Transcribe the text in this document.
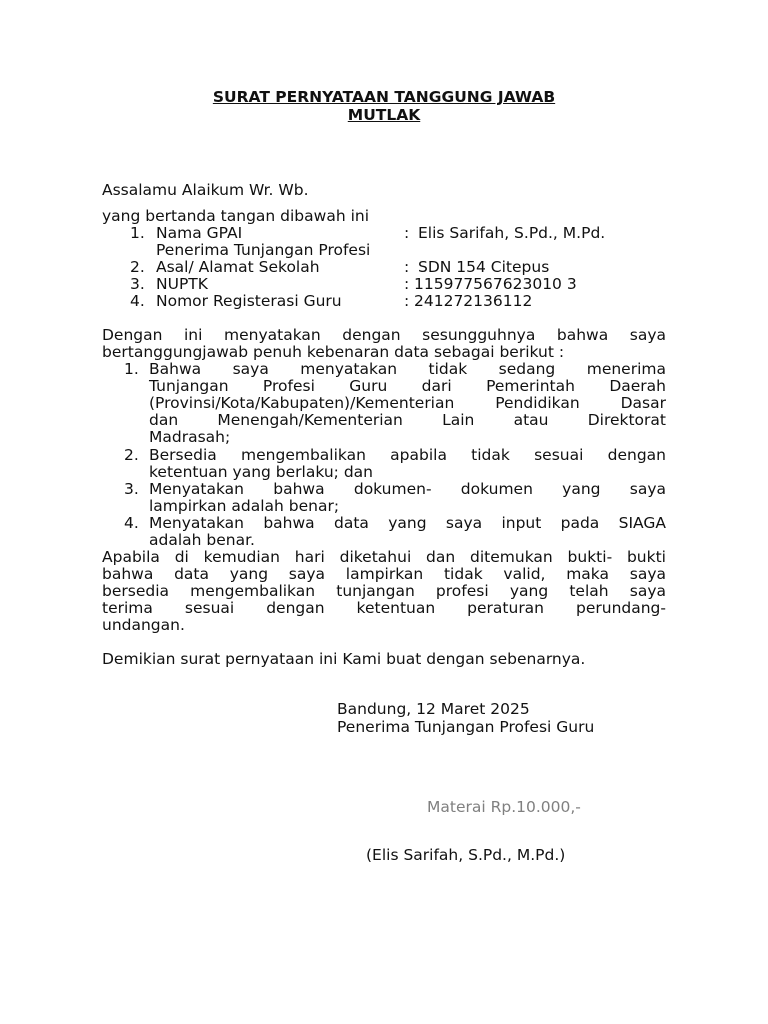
SURAT PERNYATAAN TANGGUNG JAWAB
MUTLAK
Assalamu Alaikum Wr. Wb.
yang bertanda tangan dibawah ini
1. Nama GPAI	: Elis Sarifah, S.Pd., M.Pd.
Penerima Tunjangan Profesi
2. Asal/ Alamat Sekolah	: SDN 154 Citepus
3. NUPTK	: 115977567623010 3
4. Nomor Registerasi Guru	: 241272136112
Dengan ini menyatakan dengan sesungguhnya bahwa saya
bertanggungjawab penuh kebenaran data sebagai berikut :
1. Bahwa saya menyatakan tidak sedang menerima
Tunjangan Profesi Guru dari Pemerintah Daerah
(Provinsi/Kota/Kabupaten)/Kementerian Pendidikan Dasar
dan Menengah/Kementerian Lain atau Direktorat
Madrasah;
2. Bersedia mengembalikan apabila tidak sesuai dengan
ketentuan yang berlaku; dan
3. Menyatakan bahwa dokumen- dokumen yang saya
lampirkan adalah benar;
4. Menyatakan bahwa data yang saya input pada SIAGA
adalah benar.
Apabila di kemudian hari diketahui dan ditemukan bukti- bukti
bahwa data yang saya lampirkan tidak valid, maka saya
bersedia mengembalikan tunjangan profesi yang telah saya
terima sesuai dengan ketentuan peraturan perundang-
undangan.
Demikian surat pernyataan ini Kami buat dengan sebenarnya.
Bandung, 12 Maret 2025
Penerima Tunjangan Profesi Guru
Materai Rp.10.000,-
(Elis Sarifah, S.Pd., M.Pd.)
